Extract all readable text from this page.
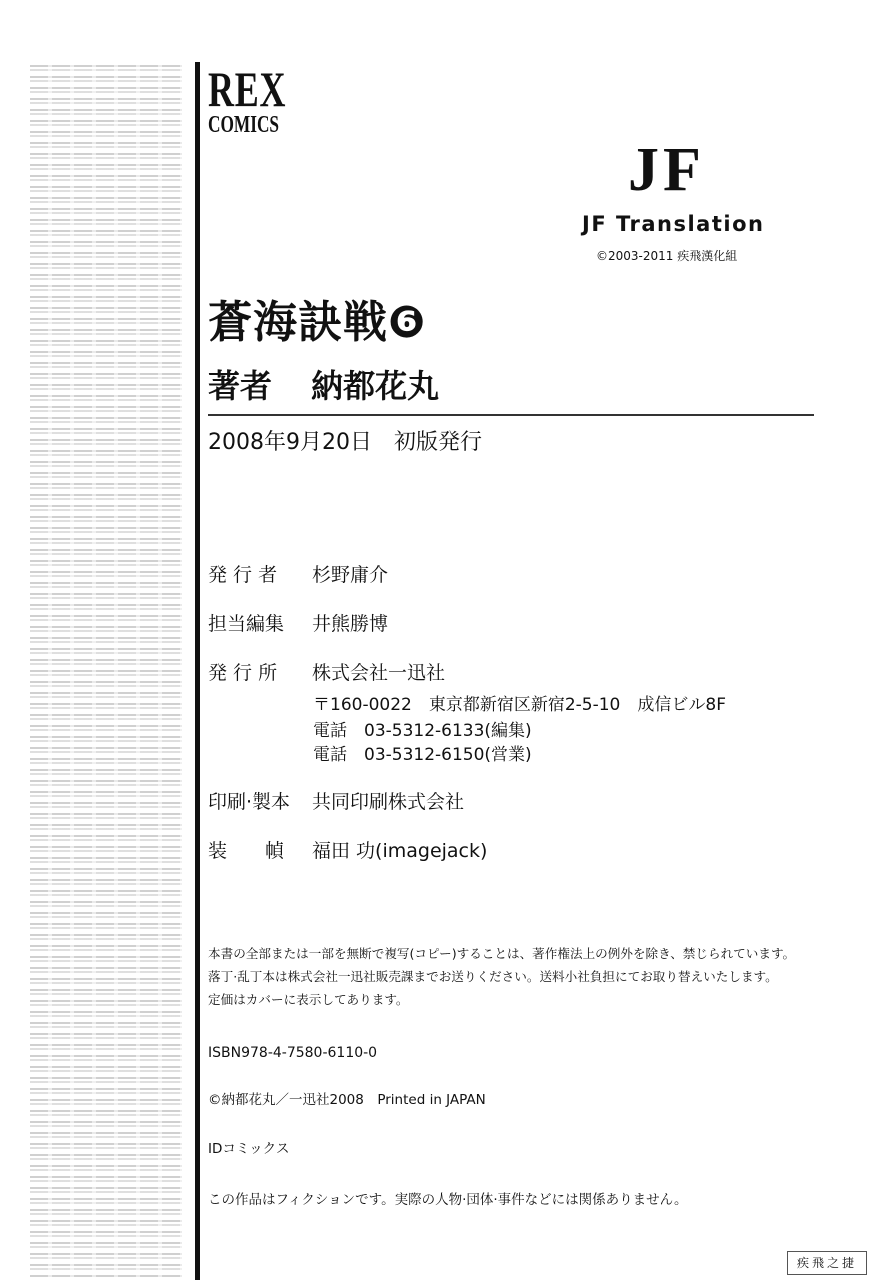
REX
COMICS
JF
JF Translation
©2003-2011 疾飛漢化組
蒼海訣戦❻
著者 納都花丸
2008年9月20日　初版発行
発 行 者 杉野庸介
担当編集 井熊勝博
発 行 所 株式会社一迅社
〒160-0022　東京都新宿区新宿2-5-10　成信ビル8F
電話　03-5312-6133(編集)
電話　03-5312-6150(営業)
印刷·製本 共同印刷株式会社
装　　幀 福田 功(imagejack)
本書の全部または一部を無断で複写(コピー)することは、著作権法上の例外を除き、禁じられています。
落丁·乱丁本は株式会社一迅社販売課までお送りください。送料小社負担にてお取り替えいたします。
定価はカバーに表示してあります。
ISBN978-4-7580-6110-0
©納都花丸／一迅社2008　Printed in JAPAN
IDコミックス
この作品はフィクションです。実際の人物·団体·事件などには関係ありません。
疾飛之捷
